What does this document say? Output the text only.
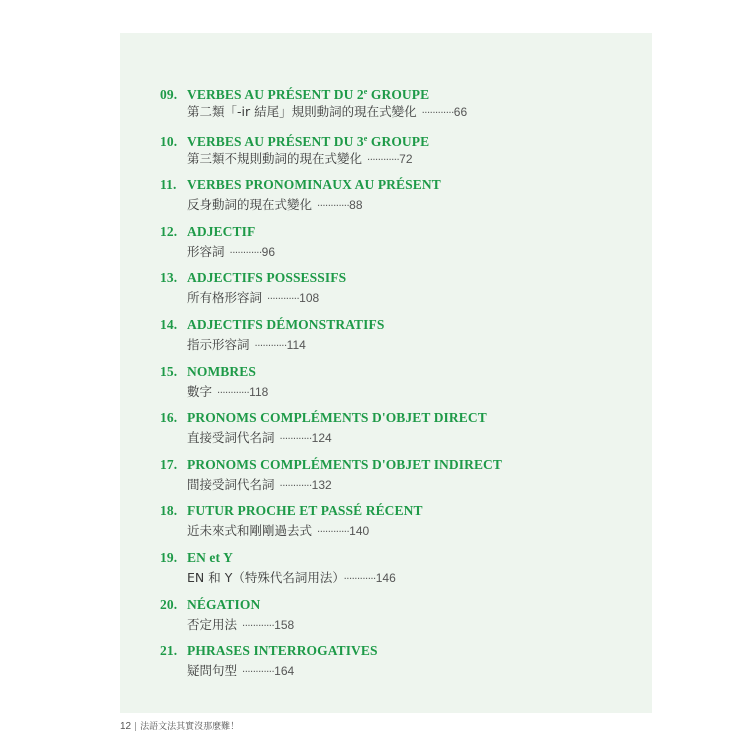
09. VERBES AU PRÉSENT DU 2e GROUPE
第二類「-ir 結尾」規則動詞的現在式變化 ············66
10. VERBES AU PRÉSENT DU 3e GROUPE
第三類不規則動詞的現在式變化 ············72
11. VERBES PRONOMINAUX AU PRÉSENT
反身動詞的現在式變化 ············88
12. ADJECTIF
形容詞 ············96
13. ADJECTIFS POSSESSIFS
所有格形容詞 ············108
14. ADJECTIFS DÉMONSTRATIFS
指示形容詞 ············114
15. NOMBRES
數字 ············118
16. PRONOMS COMPLÉMENTS D'OBJET DIRECT
直接受詞代名詞 ············124
17. PRONOMS COMPLÉMENTS D'OBJET INDIRECT
間接受詞代名詞 ············132
18. FUTUR PROCHE ET PASSÉ RÉCENT
近未來式和剛剛過去式 ············140
19. EN et Y
EN 和 Y（特殊代名詞用法） ············146
20. NÉGATION
否定用法 ············158
21. PHRASES INTERROGATIVES
疑問句型 ············164
12 | 法語文法其實沒那麼難！
